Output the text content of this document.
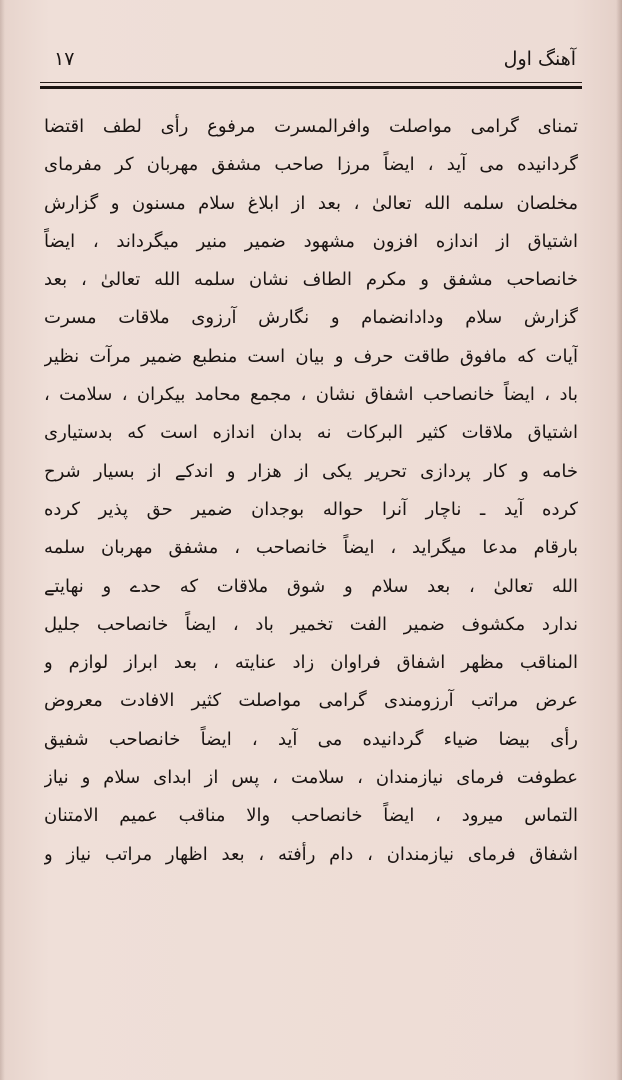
۱۷	آهنگ اول
تمنای گرامی مواصلت وافرالمسرت مرفوع رأی لطف اقتضا
گردانیده می آید ، ایضاً مرزا صاحب مشفق مهربان کر مفرمای
مخلصان سلمه الله تعالیٰ ، بعد از ابلاغ سلام مسنون و گزارش
اشتیاق از اندازه افزون مشهود ضمیر منیر میگرداند ، ایضاً
خانصاحب مشفق و مکرم الطاف نشان سلمه الله تعالیٰ ، بعد
گزارش سلام ودادانضمام و نگارش آرزوی ملاقات مسرت
آیات که مافوق طاقت حرف و بیان است منطبع ضمیر مرآت نظیر
باد ، ایضاً خانصاحب اشفاق نشان ، مجمع محامد بیکران ، سلامت ،
اشتیاق ملاقات کثیر البرکات نه بدان اندازه است که بدستیاری
خامه و کار پردازی تحریر یکی از هزار و اندکے از بسیار شرح
کرده آید ـ ناچار آنرا حواله بوجدان ضمیر حق پذیر کرده
بارقام مدعا میگراید ، ایضاً خانصاحب ، مشفق مهربان سلمه
الله تعالیٰ ، بعد سلام و شوق ملاقات که حدے و نهایتے
ندارد مکشوف ضمیر الفت تخمیر باد ، ایضاً خانصاحب جلیل
المناقب مظهر اشفاق فراوان زاد عنایته ، بعد ابراز لوازم و
عرض مراتب آرزومندی گرامی مواصلت کثیر الافادت معروض
رأی بیضا ضیاء گردانیده می آید ، ایضاً خانصاحب شفیق
عطوفت فرمای نیازمندان ، سلامت ، پس از ابدای سلام و نیاز
التماس میرود ، ایضاً خانصاحب والا مناقب عمیم الامتنان
اشفاق فرمای نیازمندان ، دام رأفته ، بعد اظهار مراتب نیاز و
